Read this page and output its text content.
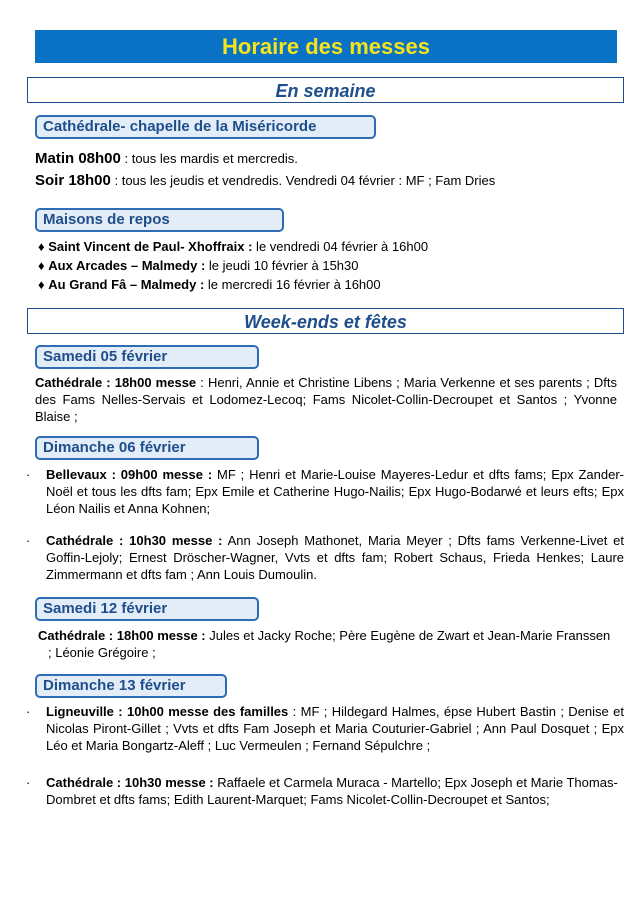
Horaire des messes
En semaine
Cathédrale- chapelle de la Miséricorde
Matin 08h00 : tous les mardis et mercredis.
Soir 18h00 : tous les jeudis et vendredis. Vendredi 04 février : MF ; Fam Dries
Maisons de repos
♦ Saint Vincent de Paul- Xhoffraix : le vendredi 04 février à 16h00
♦ Aux Arcades – Malmedy : le jeudi 10 février à 15h30
♦ Au Grand Fâ – Malmedy : le mercredi 16 février à 16h00
Week-ends et fêtes
Samedi 05 février
Cathédrale : 18h00 messe : Henri, Annie et Christine Libens ; Maria Verkenne et ses parents ; Dfts des Fams Nelles-Servais et Lodomez-Lecoq; Fams Nicolet-Collin-Decroupet et Santos ; Yvonne Blaise ;
Dimanche 06 février
· Bellevaux : 09h00 messe : MF ; Henri et Marie-Louise Mayeres-Ledur et dfts fams; Epx Zander-Noël et tous les dfts fam; Epx Emile et Catherine Hugo-Nailis; Epx Hugo-Bodarwé et leurs efts; Epx Léon Nailis et Anna Kohnen;
· Cathédrale : 10h30 messe : Ann Joseph Mathonet, Maria Meyer ; Dfts fams Verkenne-Livet et Goffin-Lejoly; Ernest Dröscher-Wagner, Vvts et dfts fam; Robert Schaus, Frieda Henkes; Laure Zimmermann et dfts fam ; Ann Louis Dumoulin.
Samedi 12 février
Cathédrale : 18h00 messe : Jules et Jacky Roche; Père Eugène de Zwart et Jean-Marie Franssen ; Léonie Grégoire ;
Dimanche 13 février
· Ligneuville : 10h00 messe des familles : MF ; Hildegard Halmes, épse Hubert Bastin ; Denise et Nicolas Piront-Gillet ; Vvts et dfts Fam Joseph et Maria Couturier-Gabriel ; Ann Paul Dosquet ; Epx Léo et Maria Bongartz-Aleff ; Luc Vermeulen ; Fernand Sépulchre ;
· Cathédrale : 10h30 messe : Raffaele et Carmela Muraca - Martello; Epx Joseph et Marie Thomas-Dombret et dfts fams; Edith Laurent-Marquet; Fams Nicolet-Collin-Decroupet et Santos;
